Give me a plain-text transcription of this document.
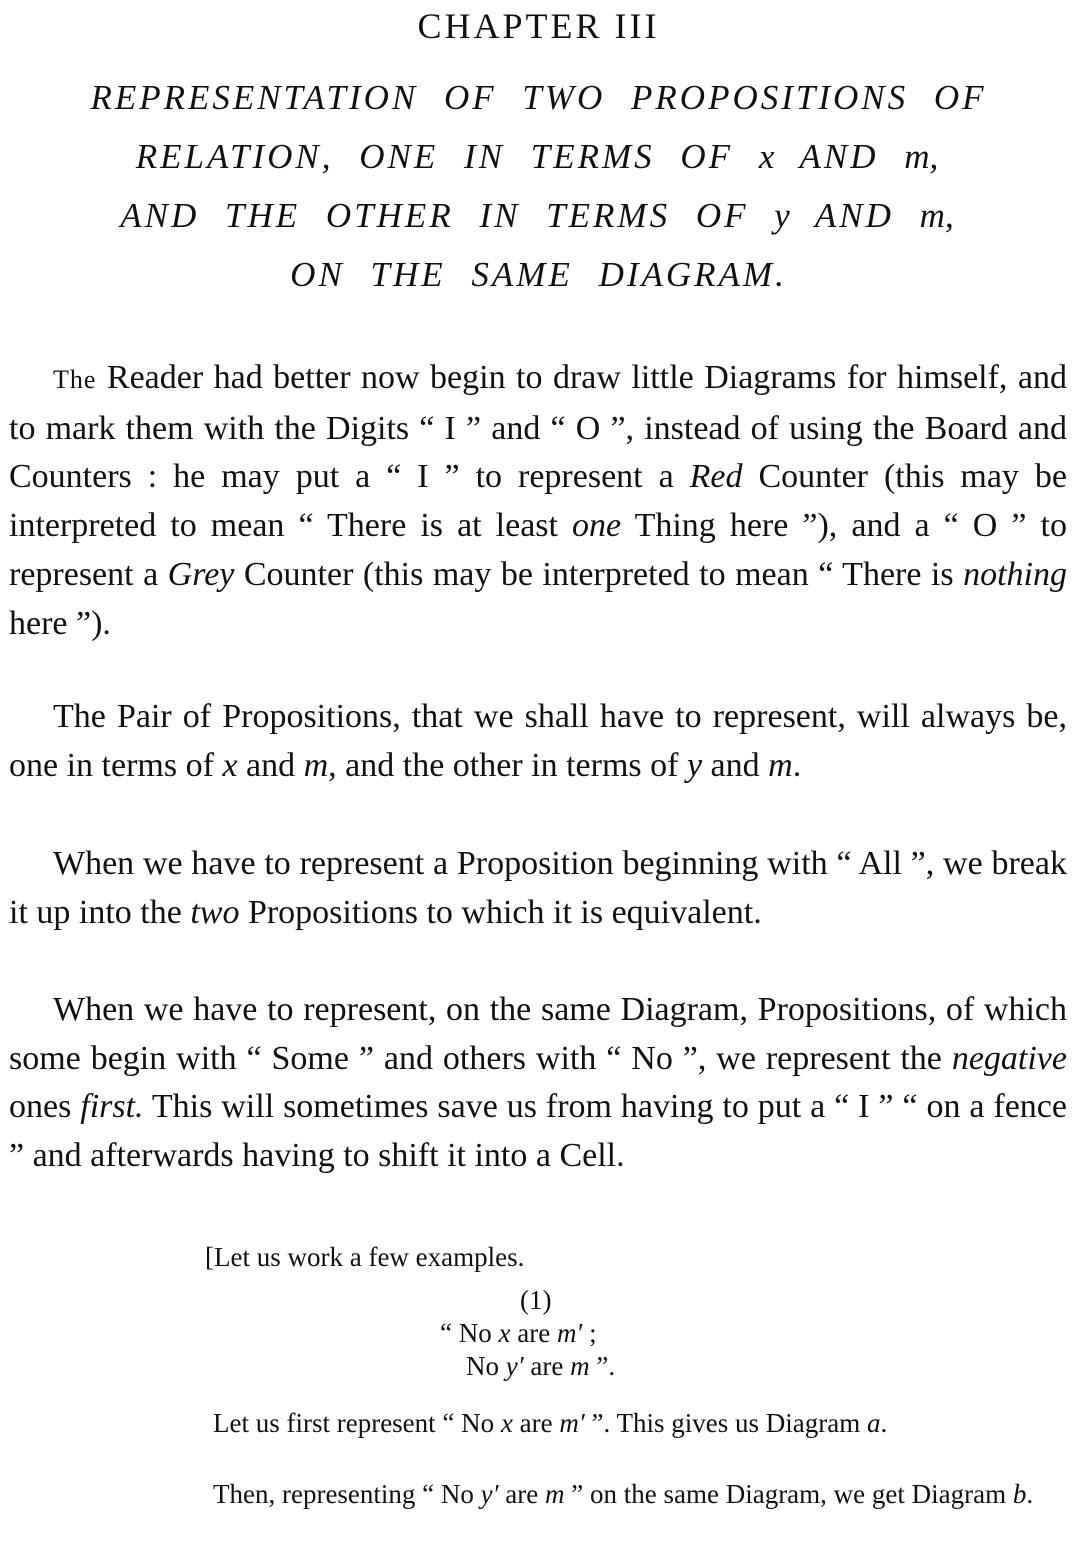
CHAPTER III
REPRESENTATION OF TWO PROPOSITIONS OF
RELATION, ONE IN TERMS OF x AND m,
AND THE OTHER IN TERMS OF y AND m,
ON THE SAME DIAGRAM.

The Reader had better now begin to draw little Diagrams for himself, and to mark them with the Digits “ I ” and “ O ”, instead of using the Board and Counters : he may put a “ I ” to represent a Red Counter (this may be interpreted to mean “ There is at least one Thing here ”), and a “ O ” to represent a Grey Counter (this may be interpreted to mean “ There is nothing here ”).

The Pair of Propositions, that we shall have to represent, will always be, one in terms of x and m, and the other in terms of y and m.

When we have to represent a Proposition beginning with “ All ”, we break it up into the two Propositions to which it is equivalent.

When we have to represent, on the same Diagram, Propositions, of which some begin with “ Some ” and others with “ No ”, we represent the negative ones first. This will sometimes save us from having to put a “ I ” “ on a fence ” and afterwards having to shift it into a Cell.

[Let us work a few examples.

(1)

“ No x are m′ ;

No y′ are m ”.

Let us first represent “ No x are m′ ”. This gives us Diagram a.

Then, representing “ No y′ are m ” on the same Diagram, we get Diagram b.
